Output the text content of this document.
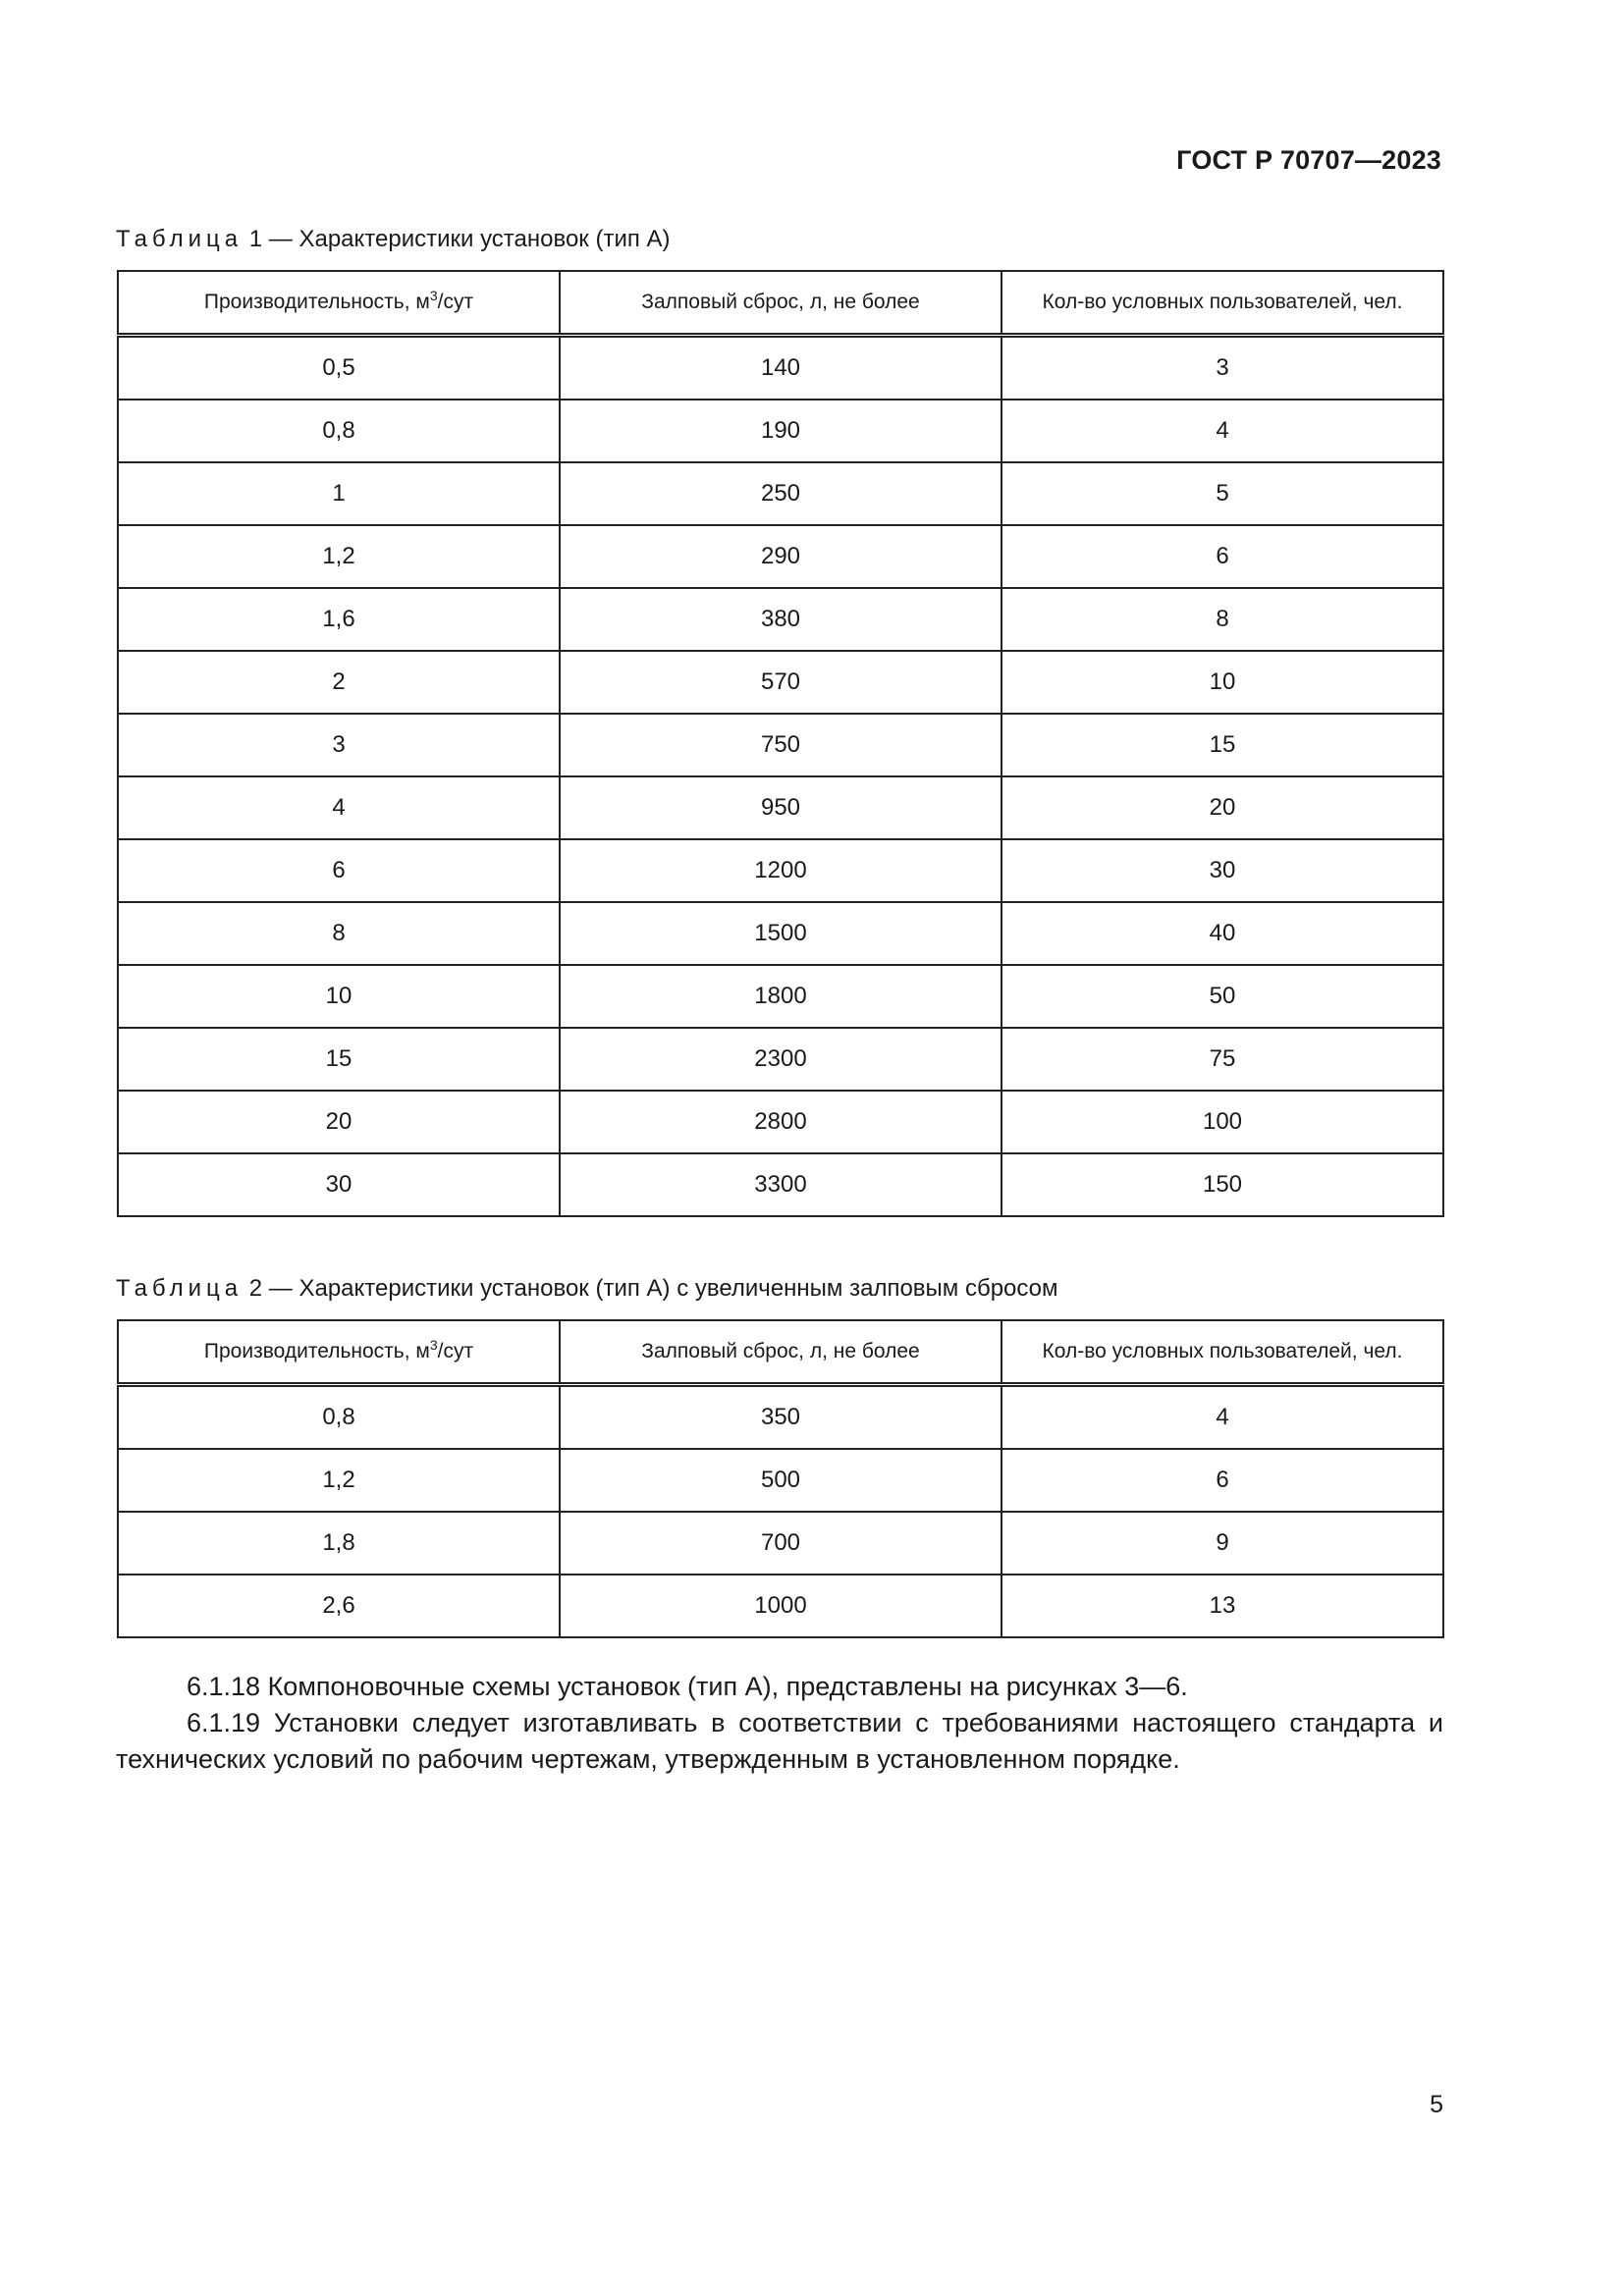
ГОСТ Р 70707—2023
Таблица 1 — Характеристики установок (тип А)
Производительность, $м^3$/сут	Залповый сброс, л, не более	Кол-во условных пользователей, чел.
0,5	140	3
0,8	190	4
1	250	5
1,2	290	6
1,6	380	8
2	570	10
3	750	15
4	950	20
6	1200	30
8	1500	40
10	1800	50
15	2300	75
20	2800	100
30	3300	150
Таблица 2 — Характеристики установок (тип А) с увеличенным залповым сбросом
Производительность, $м^3$/сут	Залповый сброс, л, не более	Кол-во условных пользователей, чел.
0,8	350	4
1,2	500	6
1,8	700	9
2,6	1000	13

6.1.18 Компоновочные схемы установок (тип А), представлены на рисунках 3—6.

6.1.19 Установки следует изготавливать в соответствии с требованиями настоящего стандарта и технических условий по рабочим чертежам, утвержденным в установленном порядке.

5
